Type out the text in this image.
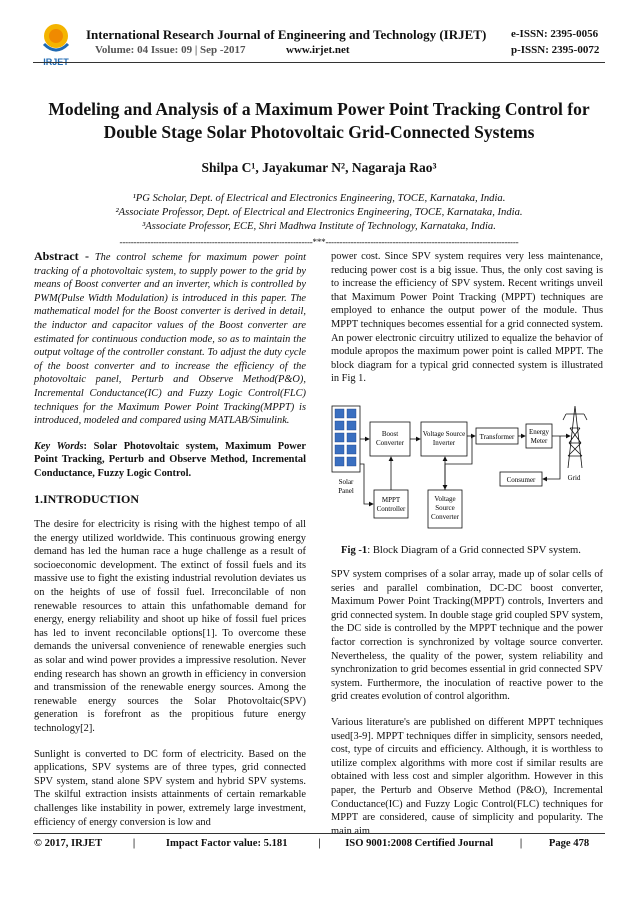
IRJET
International Research Journal of Engineering and Technology (IRJET) e-ISSN: 2395-0056
Volume: 04 Issue: 09 | Sep -2017	www.irjet.net	p-ISSN: 2395-0072
Modeling and Analysis of a Maximum Power Point Tracking Control for Double Stage Solar Photovoltaic Grid-Connected Systems
Shilpa C¹, Jayakumar N², Nagaraja Rao³
¹PG Scholar, Dept. of Electrical and Electronics Engineering, TOCE, Karnataka, India.
²Associate Professor, Dept. of Electrical and Electronics Engineering, TOCE, Karnataka, India.
³Associate Professor, ECE, Shri Madhwa Institute of Technology, Karnataka, India.
---------------------------------------------------------------------***---------------------------------------------------------------------

Abstract - The control scheme for maximum power point tracking of a photovoltaic system, to supply power to the grid by means of Boost converter and an inverter, which is controlled by PWM(Pulse Width Modulation) is introduced in this paper. The mathematical model for the Boost converter is derived in detail, the inductor and capacitor values of the Boost converter are estimated for continuous conduction mode, so as to maintain the output voltage of the controller constant. To adjust the duty cycle of the boost converter and to increase the efficiency of the photovoltaic panel, Perturb and Observe Method(P&O), Incremental Conductance(IC) and Fuzzy Logic Control(FLC) techniques for the Maximum Power Point Tracking(MPPT) is introduced, modeled and compared using MATLAB/Simulink.

Key Words: Solar Photovoltaic system, Maximum Power Point Tracking, Perturb and Observe Method, Incremental Conductance, Fuzzy Logic Control.

1.INTRODUCTION

The desire for electricity is rising with the highest tempo of all the energy utilized worldwide. This continuous growing energy demand has led the human race a huge challenge as a result of socioeconomic development. The extinct of fossil fuels and its massive use to fight the existing industrial revolution deviates us on the heights of use of fossil fuel. Irreconcilable of non renewable resources to attain this unfathomable demand for energy, energy reliability and shoot up hike of fossil fuel prices has led to invent reconcilable options[1]. To overcome these demands the universal convenience of renewable energies such as solar and wind power provides a impressive resolution. Never ending research has shown an growth in efficiency in conversion and transmission of the renewable energy sources. Among the renewable energy sources the Solar Photovoltaic(SPV) generation is forefront as the propitious future energy technology[2].

Sunlight is converted to DC form of electricity. Based on the applications, SPV systems are of three types, grid connected SPV system, stand alone SPV system and hybrid SPV systems. The skilful extraction insists attainments of certain remarkable challenges like instability in power, extremely large investment, efficiency of energy conversion is low and

power cost. Since SPV system requires very less maintenance, reducing power cost is a big issue. Thus, the only cost saving is to increase the efficiency of SPV system. Recent writings unveil that Maximum Power Point Tracking (MPPT) techniques are employed to enhance the output power of the module. Thus MPPT techniques becomes essential for a grid connected system. An power electronic circuitry utilized to equalize the behavior of module apropos the maximum power point is called MPPT. The block diagram for a typical grid connected system is illustrated in Fig 1.

Solar
Panel
Boost
Converter
Voltage Source
Inverter
Transformer
Energy
Meter
Grid
Consumer
MPPT
Controller
Voltage
Source
Converter
Fig -1: Block Diagram of a Grid connected SPV system.

SPV system comprises of a solar array, made up of solar cells of series and parallel combination, DC-DC boost converter, Maximum Power Point Tracking(MPPT) controls, Inverters and grid connected system. In double stage grid coupled SPV system, the DC side is controlled by the MPPT technique and the power factor correction is synchronized by voltage source converter. Nevertheless, the quality of the power, system reliability and synchronization to grid becomes essential in grid connected SPV system. Furthermore, the inoculation of reactive power to the grid creates evolution of control algorithm.

Various literature's are published on different MPPT techniques used[3-9]. MPPT techniques differ in simplicity, sensors needed, cost, type of circuits and efficiency. Although, it is worthless to utilize complex algorithms with more cost if similar results are obtained with less cost and simpler algorithm. However in this paper, the Perturb and Observe Method (P&O), Incremental Conductance(IC) and Fuzzy Logic Control(FLC) techniques for MPPT are considered, cause of simplicity and popularity. The main aim

© 2017, IRJET	|	Impact Factor value: 5.181	| ISO 9001:2008 Certified Journal	|	Page 478
